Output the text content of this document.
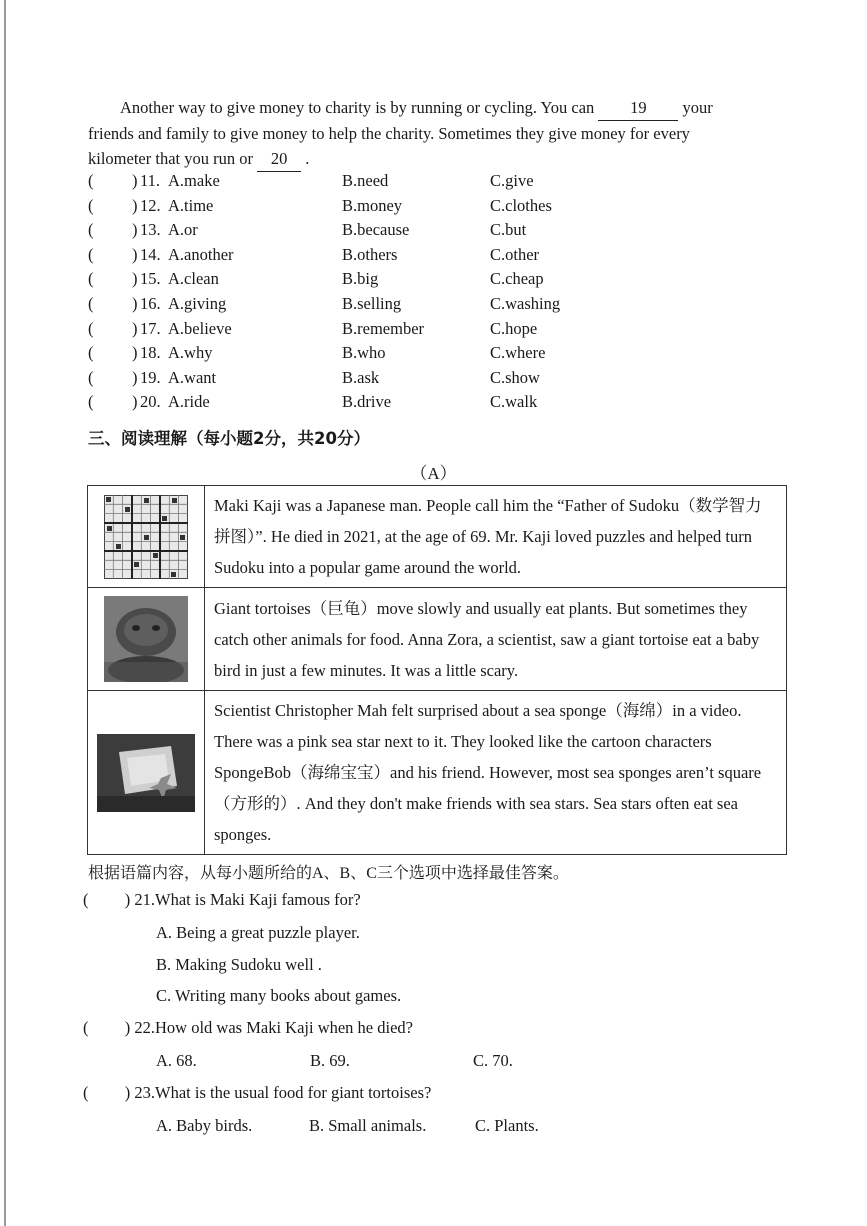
Another way to give money to charity is by running or cycling. You can 19 your
friends and family to give money to help the charity. Sometimes they give money for every
kilometer that you run or 20 .
( ) 11. A.make	B.need	C.give
( ) 12. A.time	B.money	C.clothes
( ) 13. A.or	B.because	C.but
( ) 14. A.another	B.others	C.other
( ) 15. A.clean	B.big	C.cheap
( ) 16. A.giving	B.selling	C.washing
( ) 17. A.believe	B.remember	C.hope
( ) 18. A.why	B.who	C.where
( ) 19. A.want	B.ask	C.show
( ) 20. A.ride	B.drive	C.walk
三、阅读理解（每小题2分，共20分）
（A）
	Maki Kaji was a Japanese man. People call him the “Father of Sudoku（数学智力拼图）”. He died in 2021, at the age of 69. Mr. Kaji loved puzzles and helped turn Sudoku into a popular game around the world.

	Giant tortoises（巨龟）move slowly and usually eat plants. But sometimes they catch other animals for food. Anna Zora, a scientist, saw a giant tortoise eat a baby bird in just a few minutes. It was a little scary.

	Scientist Christopher Mah felt surprised about a sea sponge（海绵）in a video. There was a pink sea star next to it. They looked like the cartoon characters SpongeBob（海绵宝宝）and his friend. However, most sea sponges aren’t square（方形的）. And they don't make friends with sea stars. Sea stars often eat sea sponges.
根据语篇内容，从每小题所给的A、B、C三个选项中选择最佳答案。
( ) 21.What is Maki Kaji famous for?
A. Being a great puzzle player.
B. Making Sudoku well .
C. Writing many books about games.
( ) 22.How old was Maki Kaji when he died?
A. 68.	B. 69.	C. 70.
( ) 23.What is the usual food for giant tortoises?
A. Baby birds.	B. Small animals.	C. Plants.
